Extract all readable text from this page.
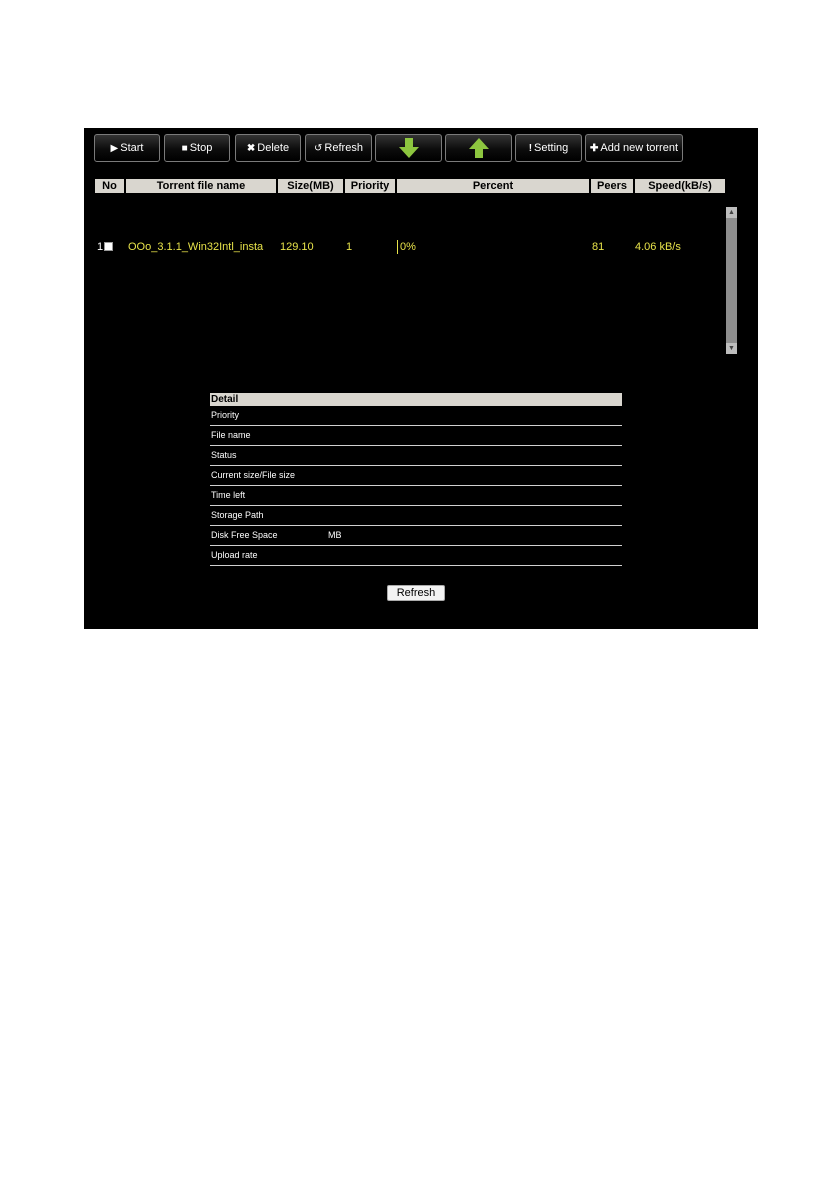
▶ Start	■ Stop	✖ Delete ↺ Refresh	! Setting ✚ Add new torrent
No	Torrent file name	Size(MB)	Priority	Percent	Peers	Speed(kB/s)
1 OOo_3.1.1_Win32Intl_insta	129.10	1	0%	81	4.06 kB/s
▲
▼
Detail
Priority
File name
Status
Current size/File size
Time left
Storage Path
Disk Free Space	MB
Upload rate
Refresh
